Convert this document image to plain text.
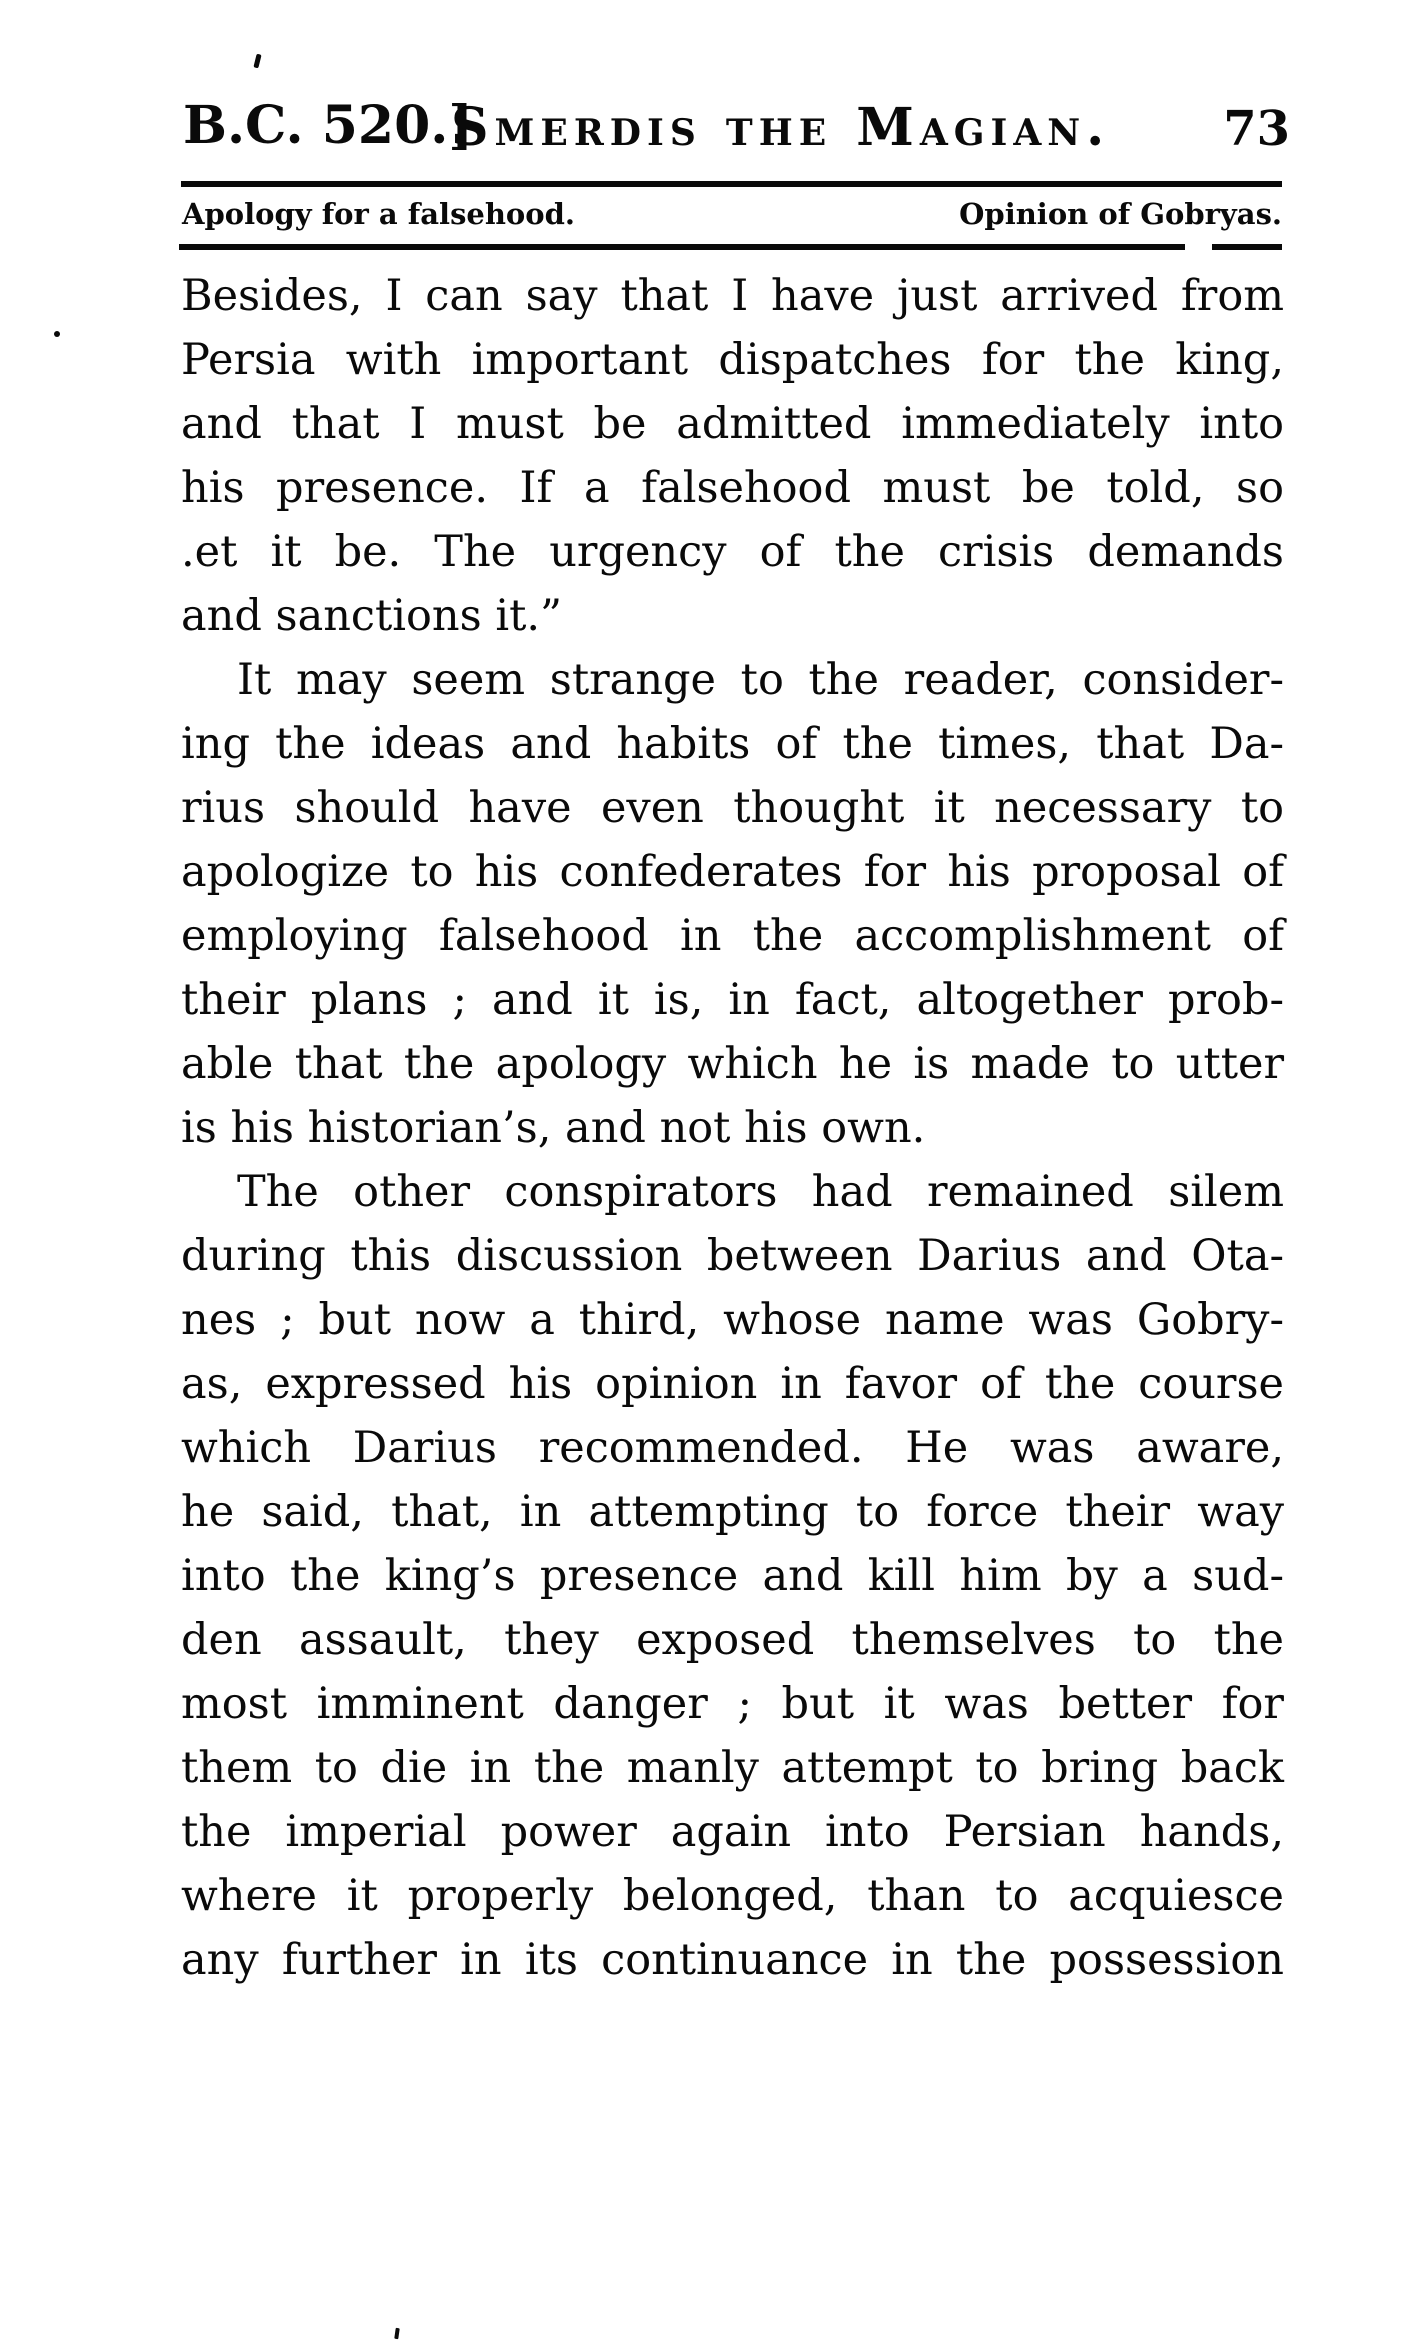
B.C. 520.]
Smerdis the Magian. 73
Apology for a falsehood.	Opinion of Gobryas.
Besides, I can say that I have just arrived from
Persia with important dispatches for the king,
and that I must be admitted immediately into
his presence. If a falsehood must be told, so
.et it be. The urgency of the crisis demands
and sanctions it.”
It may seem strange to the reader, consider-
ing the ideas and habits of the times, that Da-
rius should have even thought it necessary to
apologize to his confederates for his proposal of
employing falsehood in the accomplishment of
their plans ; and it is, in fact, altogether prob-
able that the apology which he is made to utter
is his historian’s, and not his own.
The other conspirators had remained silem
during this discussion between Darius and Ota-
nes ; but now a third, whose name was Gobry-
as, expressed his opinion in favor of the course
which Darius recommended. He was aware,
he said, that, in attempting to force their way
into the king’s presence and kill him by a sud-
den assault, they exposed themselves to the
most imminent danger ; but it was better for
them to die in the manly attempt to bring back
the imperial power again into Persian hands,
where it properly belonged, than to acquiesce
any further in its continuance in the possession
